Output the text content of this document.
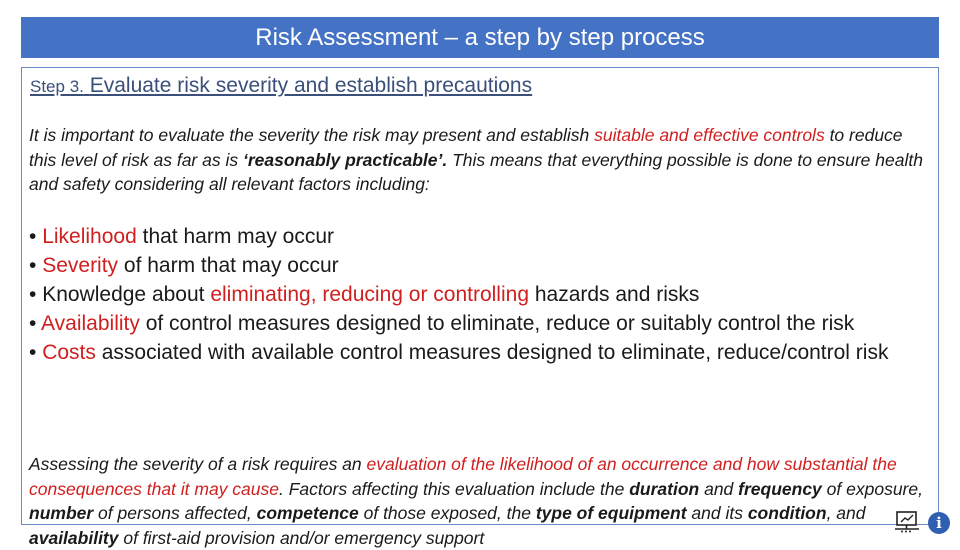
Risk Assessment – a step by step process
Step 3. Evaluate risk severity and establish precautions
It is important to evaluate the severity the risk may present and establish suitable and effective controls to reduce this level of risk as far as is ‘reasonably practicable’. This means that everything possible is done to ensure health and safety considering all relevant factors including:
• Likelihood that harm may occur
• Severity of harm that may occur
• Knowledge about eliminating, reducing or controlling hazards and risks
• Availability of control measures designed to eliminate, reduce or suitably control the risk
• Costs associated with available control measures designed to eliminate, reduce/control risk
Assessing the severity of a risk requires an evaluation of the likelihood of an occurrence and how substantial the consequences that it may cause. Factors affecting this evaluation include the duration and frequency of exposure, number of persons affected, competence of those exposed, the type of equipment and its condition, and availability of first-aid provision and/or emergency support
i
